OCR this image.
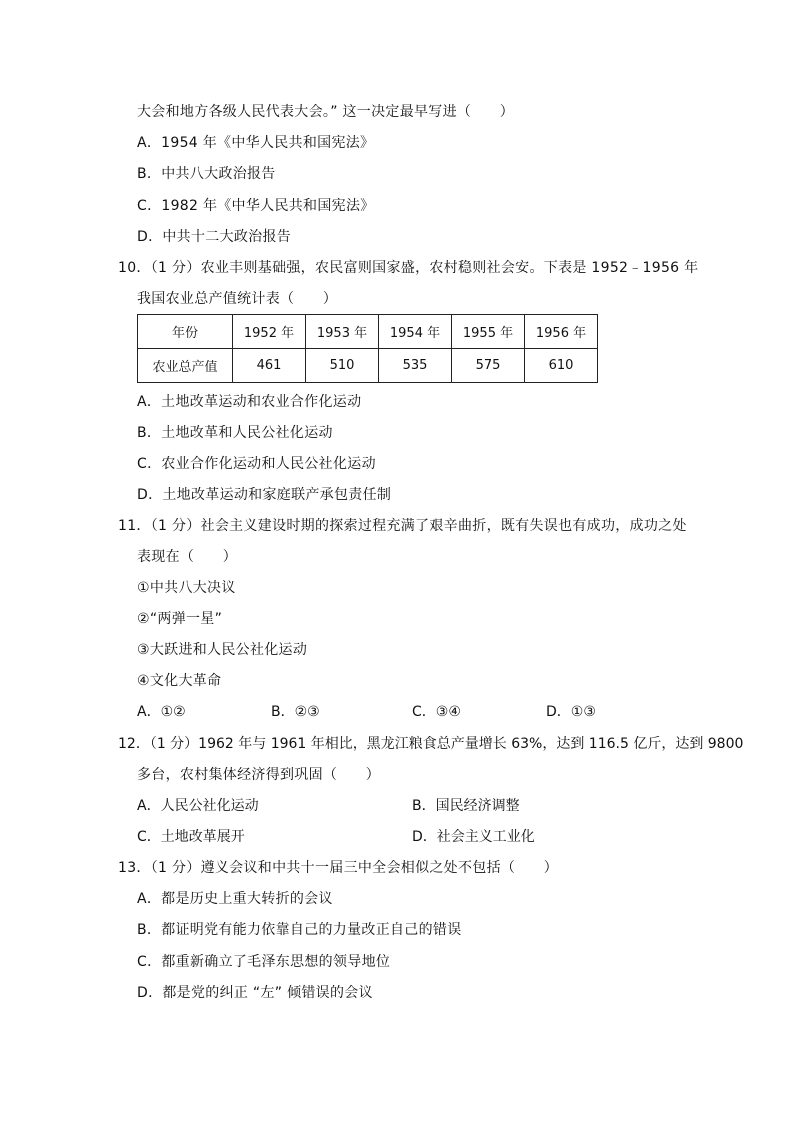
大会和地方各级人民代表大会。” 这一决定最早写进（　　）
A．1954 年《中华人民共和国宪法》
B．中共八大政治报告
C．1982 年《中华人民共和国宪法》
D．中共十二大政治报告
10．（1 分）农业丰则基础强，农民富则国家盛，农村稳则社会安。下表是 1952﹣1956 年
我国农业总产值统计表（　　）
年份	1952 年	1953 年	1954 年	1955 年	1956 年
农业总产值	461	510	535	575	610
A．土地改革运动和农业合作化运动
B．土地改革和人民公社化运动
C．农业合作化运动和人民公社化运动
D．土地改革运动和家庭联产承包责任制
11．（1 分）社会主义建设时期的探索过程充满了艰辛曲折，既有失误也有成功，成功之处
表现在（　　）
①中共八大决议
②“两弹一星”
③大跃进和人民公社化运动
④文化大革命
A．①②	B．②③	C．③④	D．①③
12．（1 分）1962 年与 1961 年相比，黑龙江粮食总产量增长 63%，达到 116.5 亿斤，达到 9800
多台，农村集体经济得到巩固（　　）
A．人民公社化运动	B．国民经济调整
C．土地改革展开	D．社会主义工业化
13．（1 分）遵义会议和中共十一届三中全会相似之处不包括（　　）
A．都是历史上重大转折的会议
B．都证明党有能力依靠自己的力量改正自己的错误
C．都重新确立了毛泽东思想的领导地位
D．都是党的纠正 “左” 倾错误的会议
